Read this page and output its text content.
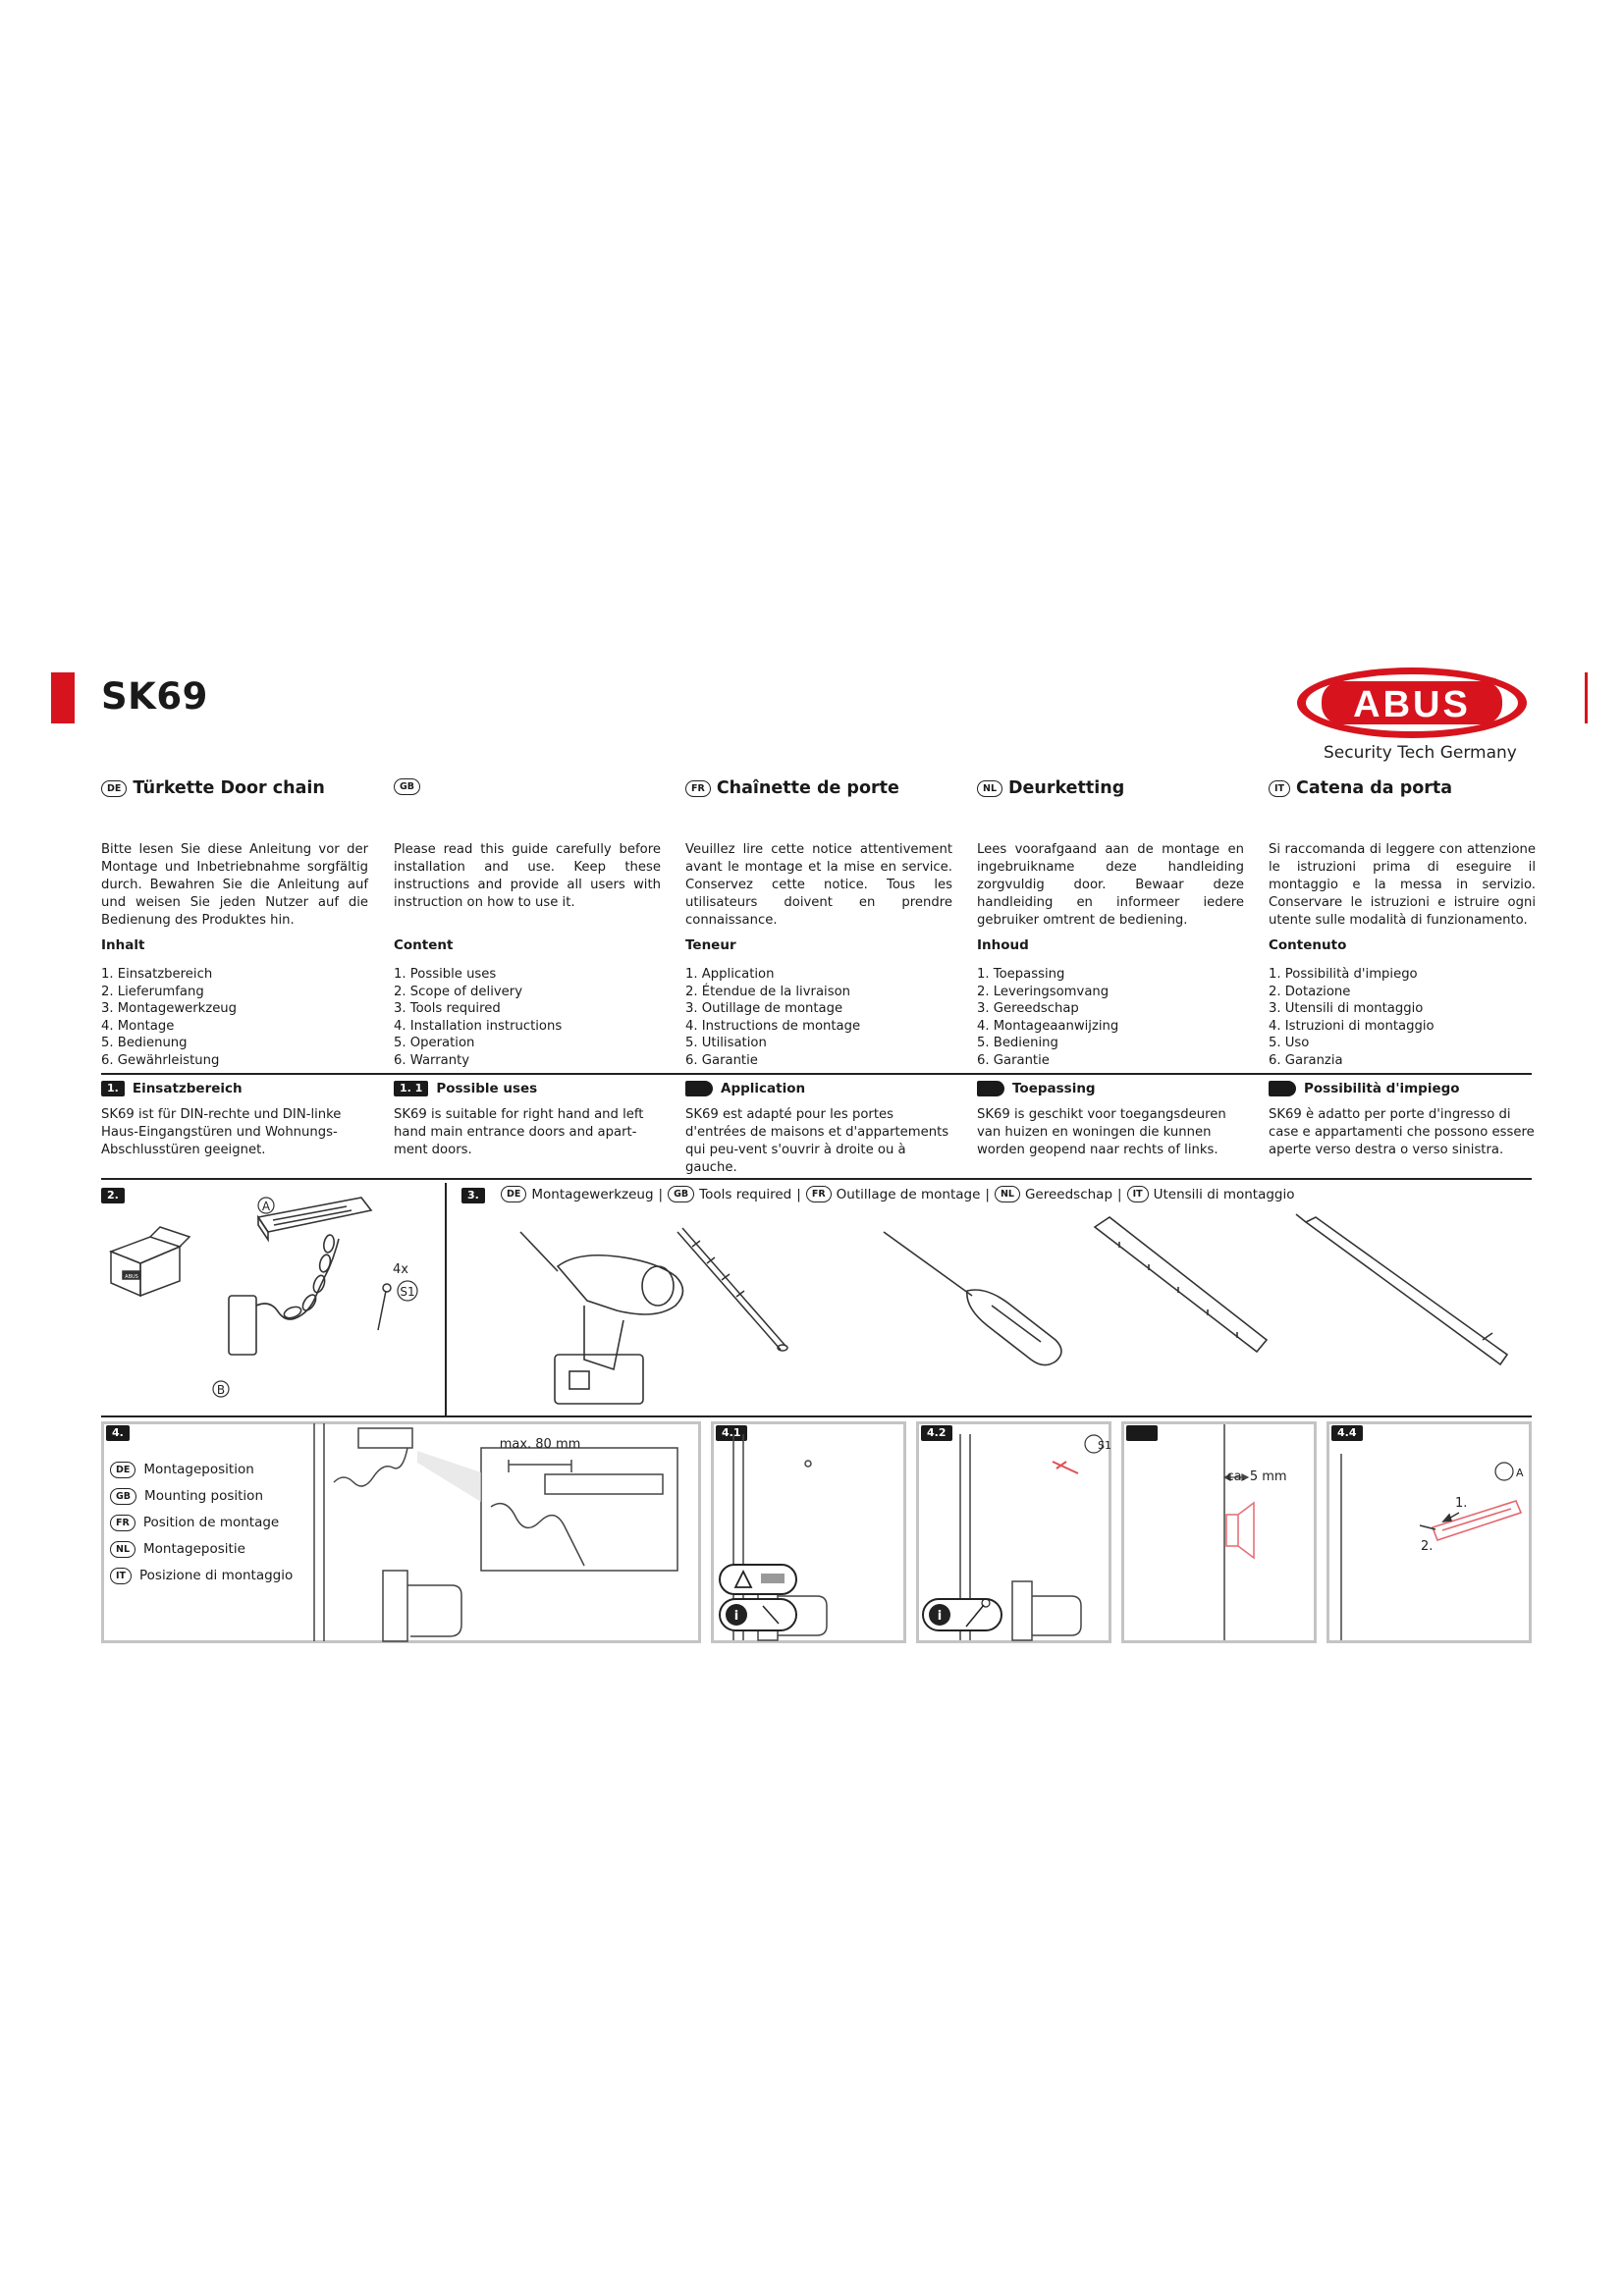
SK69	ABUS
Security Tech Germany
DE Türkette Door chain
Bitte lesen Sie diese Anleitung vor der Montage und Inbetriebnahme sorgfältig durch. Bewahren Sie die Anleitung auf und weisen Sie jeden Nutzer auf die Bedienung des Produktes hin.
Inhalt
1. Einsatzbereich
2. Lieferumfang
3. Montagewerkzeug
4. Montage
5. Bedienung
6. Gewährleistung
GB
Please read this guide carefully before installation and use. Keep these instructions and provide all users with instruction on how to use it.
Content
1. Possible uses
2. Scope of delivery
3. Tools required
4. Installation instructions
5. Operation
6. Warranty
FR Chaînette de porte
Veuillez lire cette notice attentivement avant le montage et la mise en service. Conservez cette notice. Tous les utilisateurs doivent en prendre connaissance.
Teneur
1. Application
2. Étendue de la livraison
3. Outillage de montage
4. Instructions de montage
5. Utilisation
6. Garantie
NL Deurketting
Lees voorafgaand aan de montage en ingebruikname deze handleiding zorgvuldig door. Bewaar deze handleiding en informeer iedere gebruiker omtrent de bediening.
Inhoud
1. Toepassing
2. Leveringsomvang
3. Gereedschap
4. Montageaanwijzing
5. Bediening
6. Garantie
IT Catena da porta
Si raccomanda di leggere con attenzione le istruzioni prima di eseguire il montaggio e la messa in servizio. Conservare le istruzioni e istruire ogni utente sulle modalità di funzionamento.
Contenuto
1. Possibilità d'impiego
2. Dotazione
3. Utensili di montaggio
4. Istruzioni di montaggio
5. Uso
6. Garanzia
1.	Einsatzbereich
SK69 ist für DIN-rechte und DIN-linke Haus-Eingangstüren und Wohnungs-Abschlusstüren geeignet.
1. 1	Possible uses
SK69 is suitable for right hand and left hand main entrance doors and apart-ment doors.
Application
SK69 est adapté pour les portes d'entrées de maisons et d'appartements qui peu-vent s'ouvrir à droite ou à gauche.
Toepassing
SK69 is geschikt voor toegangsdeuren van huizen en woningen die kunnen worden geopend naar rechts of links.
Possibilità d'impiego
SK69 è adatto per porte d'ingresso di case e appartamenti che possono essere aperte verso destra o verso sinistra.
2.
ABUS
A
B
4x
S1
3.	DE Montagewerkzeug |	GB Tools required |	FR Outillage de montage |	NL Gereedschap |	IT Utensili di montaggio
4.
DE	Montageposition
GB	Mounting position
FR	Position de montage
NL	Montagepositie
IT	Posizione di montaggio
max. 80 mm
4.1
i
4.2
S1
i
ca. 5 mm
4.4
A
1.
2.
